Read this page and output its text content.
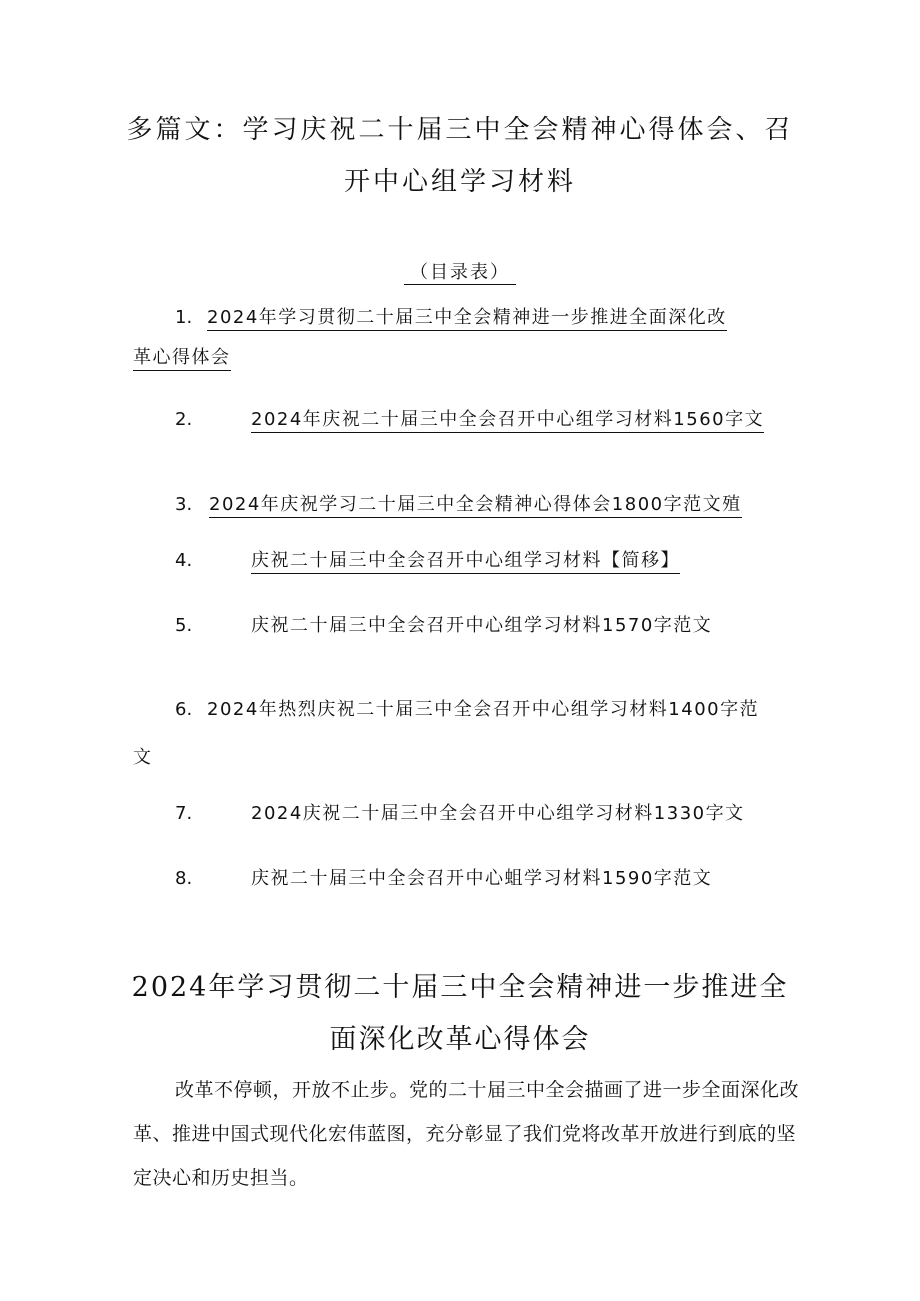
多篇文：学习庆祝二十届三中全会精神心得体会、召
开中心组学习材料
（目录表）
1. 2024年学习贯彻二十届三中全会精神进一步推进全面深化改
革心得体会
2.	2024年庆祝二十届三中全会召开中心组学习材料1560字文
3. 2024年庆祝学习二十届三中全会精神心得体会1800字范文殖
4.	庆祝二十届三中全会召开中心组学习材料【简移】
5.	庆祝二十届三中全会召开中心组学习材料1570字范文
6. 2024年热烈庆祝二十届三中全会召开中心组学习材料1400字范
文
7.	2024庆祝二十届三中全会召开中心组学习材料1330字文
8.	庆祝二十届三中全会召开中心蛆学习材料1590字范文
2024年学习贯彻二十届三中全会精神进一步推进全
面深化改革心得体会
改革不停顿，开放不止步。党的二十届三中全会描画了进一步全面深化改革、推进中国式现代化宏伟蓝图，充分彰显了我们党将改革开放进行到底的坚定决心和历史担当。
